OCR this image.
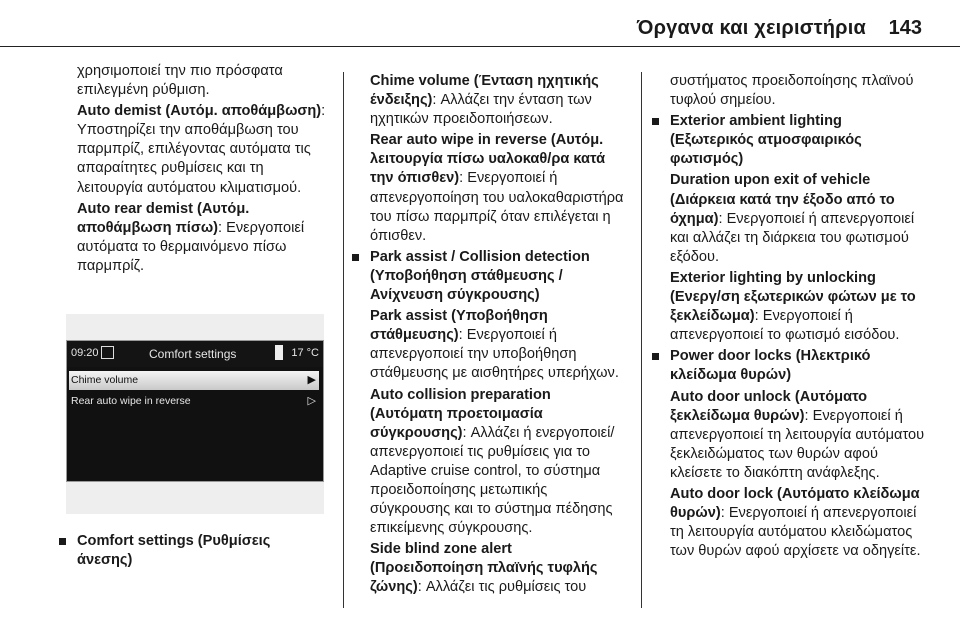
Όργανα και χειριστήρια 143

χρησιμοποιεί την πιο πρόσφατα επιλεγμένη ρύθμιση.

Auto demist (Αυτόμ. αποθάμβωση): Υποστηρίζει την αποθάμβωση του παρμπρίζ, επιλέγοντας αυτόματα τις απαραίτητες ρυθμίσεις και τη λειτουργία αυτόματου κλιματισμού.

Auto rear demist (Αυτόμ. αποθάμβωση πίσω): Ενεργοποιεί αυτόματα το θερμαινόμενο πίσω παρμπρίζ.

09:20	Comfort settings	17 °C
Chime volume	▶
Rear auto wipe in reverse	▷

Comfort settings (Ρυθμίσεις άνεσης)

Chime volume (Ένταση ηχητικής ένδειξης): Αλλάζει την ένταση των ηχητικών προειδοποιήσεων.

Rear auto wipe in reverse (Αυτόμ. λειτουργία πίσω υαλοκαθ/ρα κατά την όπισθεν): Ενεργοποιεί ή απενεργοποίηση του υαλοκαθαριστήρα του πίσω παρμπρίζ όταν επιλέγεται η όπισθεν.

Park assist / Collision detection (Υποβοήθηση στάθμευσης / Ανίχνευση σύγκρουσης)

Park assist (Υποβοήθηση στάθμευσης): Ενεργοποιεί ή απενεργοποιεί την υποβοήθηση στάθμευσης με αισθητήρες υπερήχων.

Auto collision preparation (Αυτόματη προετοιμασία σύγκρουσης): Αλλάζει ή ενεργοποιεί/απενεργοποιεί τις ρυθμίσεις για το Adaptive cruise control, το σύστημα προειδοποίησης μετωπικής σύγκρουσης και το σύστημα πέδησης επικείμενης σύγκρουσης.

Side blind zone alert (Προειδοποίηση πλαϊνής τυφλής ζώνης): Αλλάζει τις ρυθμίσεις του

συστήματος προειδοποίησης πλαϊνού τυφλού σημείου.

Exterior ambient lighting (Εξωτερικός ατμοσφαιρικός φωτισμός)

Duration upon exit of vehicle (Διάρκεια κατά την έξοδο από το όχημα): Ενεργοποιεί ή απενεργοποιεί και αλλάζει τη διάρκεια του φωτισμού εξόδου.

Exterior lighting by unlocking (Ενεργ/ση εξωτερικών φώτων με το ξεκλείδωμα): Ενεργοποιεί ή απενεργοποιεί το φωτισμό εισόδου.

Power door locks (Ηλεκτρικό κλείδωμα θυρών)

Auto door unlock (Αυτόματο ξεκλείδωμα θυρών): Ενεργοποιεί ή απενεργοποιεί τη λειτουργία αυτόματου ξεκλειδώματος των θυρών αφού κλείσετε το διακόπτη ανάφλεξης.

Auto door lock (Αυτόματο κλείδωμα θυρών): Ενεργοποιεί ή απενεργοποιεί τη λειτουργία αυτόματου κλειδώματος των θυρών αφού αρχίσετε να οδηγείτε.
